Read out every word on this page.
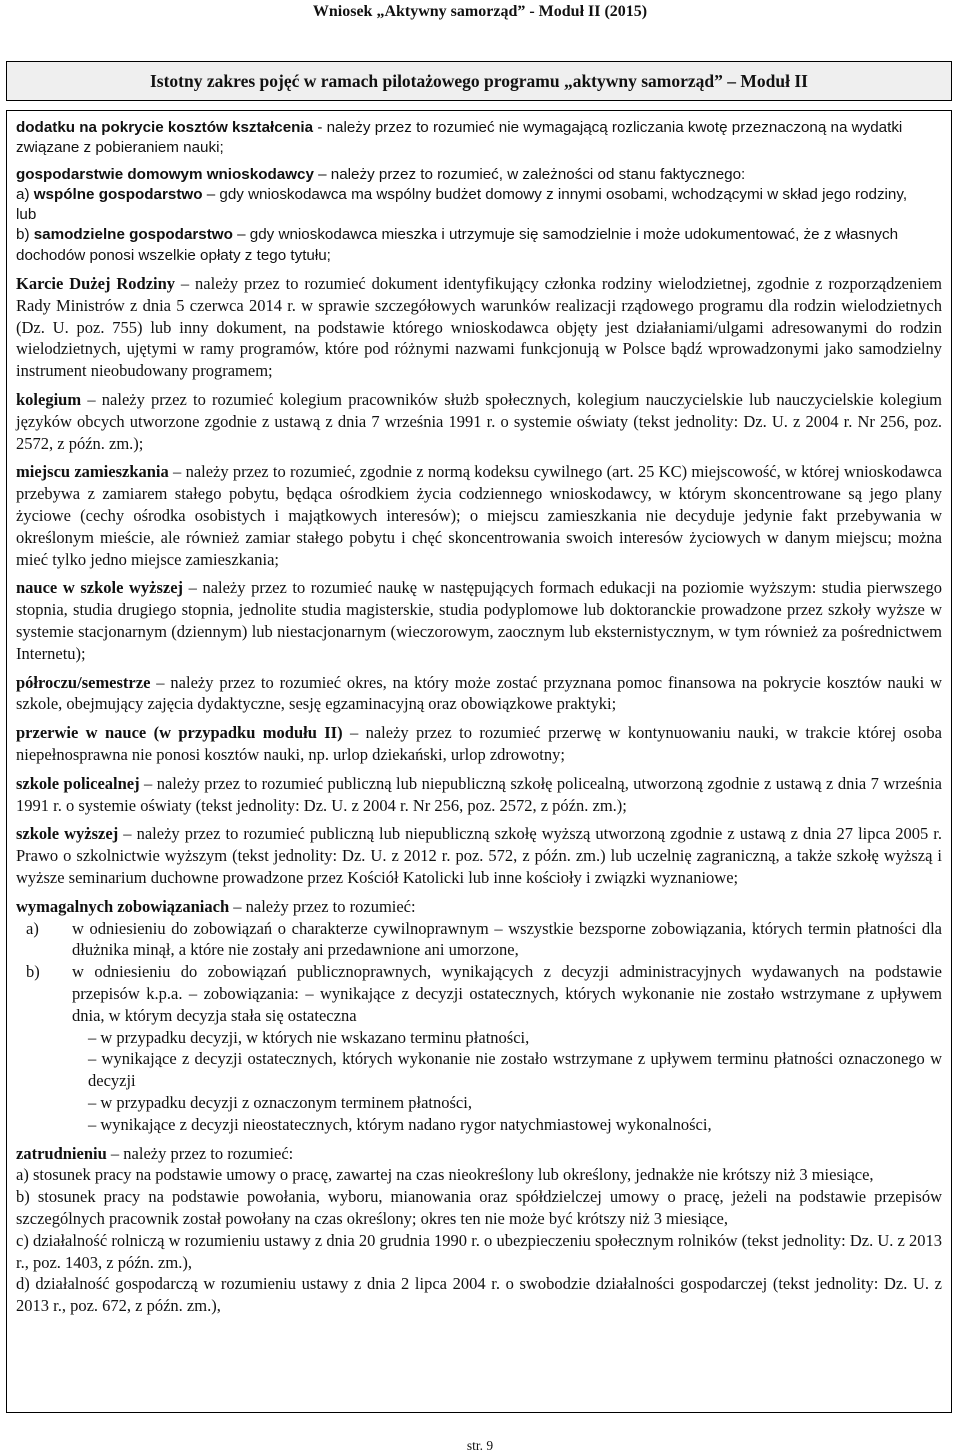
Wniosek „Aktywny samorząd” - Moduł II (2015)
Istotny zakres pojęć w ramach pilotażowego programu „aktywny samorząd” – Moduł II

dodatku na pokrycie kosztów kształcenia - należy przez to rozumieć nie wymagającą rozliczania kwotę przeznaczoną na wydatki związane z pobieraniem nauki;

gospodarstwie domowym wnioskodawcy – należy przez to rozumieć, w zależności od stanu faktycznego:

a) wspólne gospodarstwo – gdy wnioskodawca ma wspólny budżet domowy z innymi osobami, wchodzącymi w skład jego rodziny,

lub

b) samodzielne gospodarstwo – gdy wnioskodawca mieszka i utrzymuje się samodzielnie i może udokumentować, że z własnych dochodów ponosi wszelkie opłaty z tego tytułu;

Karcie Dużej Rodziny – należy przez to rozumieć dokument identyfikujący członka rodziny wielodzietnej, zgodnie z rozporządzeniem Rady Ministrów z dnia 5 czerwca 2014 r. w sprawie szczegółowych warunków realizacji rządowego programu dla rodzin wielodzietnych (Dz. U. poz. 755) lub inny dokument, na podstawie którego wnioskodawca objęty jest działaniami/ulgami adresowanymi do rodzin wielodzietnych, ujętymi w ramy programów, które pod różnymi nazwami funkcjonują w Polsce bądź wprowadzonymi jako samodzielny instrument nieobudowany programem;

kolegium – należy przez to rozumieć kolegium pracowników służb społecznych, kolegium nauczycielskie lub nauczycielskie kolegium języków obcych utworzone zgodnie z ustawą z dnia 7 września 1991 r. o systemie oświaty (tekst jednolity: Dz. U. z 2004 r. Nr 256, poz. 2572, z późn. zm.);

miejscu zamieszkania – należy przez to rozumieć, zgodnie z normą kodeksu cywilnego (art. 25 KC) miejscowość, w której wnioskodawca przebywa z zamiarem stałego pobytu, będąca ośrodkiem życia codziennego wnioskodawcy, w którym skoncentrowane są jego plany życiowe (cechy ośrodka osobistych i majątkowych interesów); o miejscu zamieszkania nie decyduje jedynie fakt przebywania w określonym mieście, ale również zamiar stałego pobytu i chęć skoncentrowania swoich interesów życiowych w danym miejscu; można mieć tylko jedno miejsce zamieszkania;

nauce w szkole wyższej – należy przez to rozumieć naukę w następujących formach edukacji na poziomie wyższym: studia pierwszego stopnia, studia drugiego stopnia, jednolite studia magisterskie, studia podyplomowe lub doktoranckie prowadzone przez szkoły wyższe w systemie stacjonarnym (dziennym) lub niestacjonarnym (wieczorowym, zaocznym lub eksternistycznym, w tym również za pośrednictwem Internetu);

półroczu/semestrze – należy przez to rozumieć okres, na który może zostać przyznana pomoc finansowa na pokrycie kosztów nauki w szkole, obejmujący zajęcia dydaktyczne, sesję egzaminacyjną oraz obowiązkowe praktyki;

przerwie w nauce (w przypadku modułu II) – należy przez to rozumieć przerwę w kontynuowaniu nauki, w trakcie której osoba niepełnosprawna nie ponosi kosztów nauki, np. urlop dziekański, urlop zdrowotny;

szkole policealnej – należy przez to rozumieć publiczną lub niepubliczną szkołę policealną, utworzoną zgodnie z ustawą z dnia 7 września 1991 r. o systemie oświaty (tekst jednolity: Dz. U. z 2004 r. Nr 256, poz. 2572, z późn. zm.);

szkole wyższej – należy przez to rozumieć publiczną lub niepubliczną szkołę wyższą utworzoną zgodnie z ustawą z dnia 27 lipca 2005 r. Prawo o szkolnictwie wyższym (tekst jednolity: Dz. U. z 2012 r. poz. 572, z późn. zm.) lub uczelnię zagraniczną, a także szkołę wyższą i wyższe seminarium duchowne prowadzone przez Kościół Katolicki lub inne kościoły i związki wyznaniowe;

wymagalnych zobowiązaniach – należy przez to rozumieć:

a)	w odniesieniu do zobowiązań o charakterze cywilnoprawnym – wszystkie bezsporne zobowiązania, których termin płatności dla dłużnika minął, a które nie zostały ani przedawnione ani umorzone,
b)	w odniesieniu do zobowiązań publicznoprawnych, wynikających z decyzji administracyjnych wydawanych na podstawie przepisów k.p.a. – zobowiązania: – wynikające z decyzji ostatecznych, których wykonanie nie zostało wstrzymane z upływem dnia, w którym decyzja stała się ostateczna

– w przypadku decyzji, w których nie wskazano terminu płatności,

– wynikające z decyzji ostatecznych, których wykonanie nie zostało wstrzymane z upływem terminu płatności oznaczonego w decyzji

– w przypadku decyzji z oznaczonym terminem płatności,

– wynikające z decyzji nieostatecznych, którym nadano rygor natychmiastowej wykonalności,

zatrudnieniu – należy przez to rozumieć:

a) stosunek pracy na podstawie umowy o pracę, zawartej na czas nieokreślony lub określony, jednakże nie krótszy niż 3 miesiące,

b) stosunek pracy na podstawie powołania, wyboru, mianowania oraz spółdzielczej umowy o pracę, jeżeli na podstawie przepisów szczególnych pracownik został powołany na czas określony; okres ten nie może być krótszy niż 3 miesiące,

c) działalność rolniczą w rozumieniu ustawy z dnia 20 grudnia 1990 r. o ubezpieczeniu społecznym rolników (tekst jednolity: Dz. U. z 2013 r., poz. 1403, z późn. zm.),

d) działalność gospodarczą w rozumieniu ustawy z dnia 2 lipca 2004 r. o swobodzie działalności gospodarczej (tekst jednolity: Dz. U. z 2013 r., poz. 672, z późn. zm.),

str. 9
